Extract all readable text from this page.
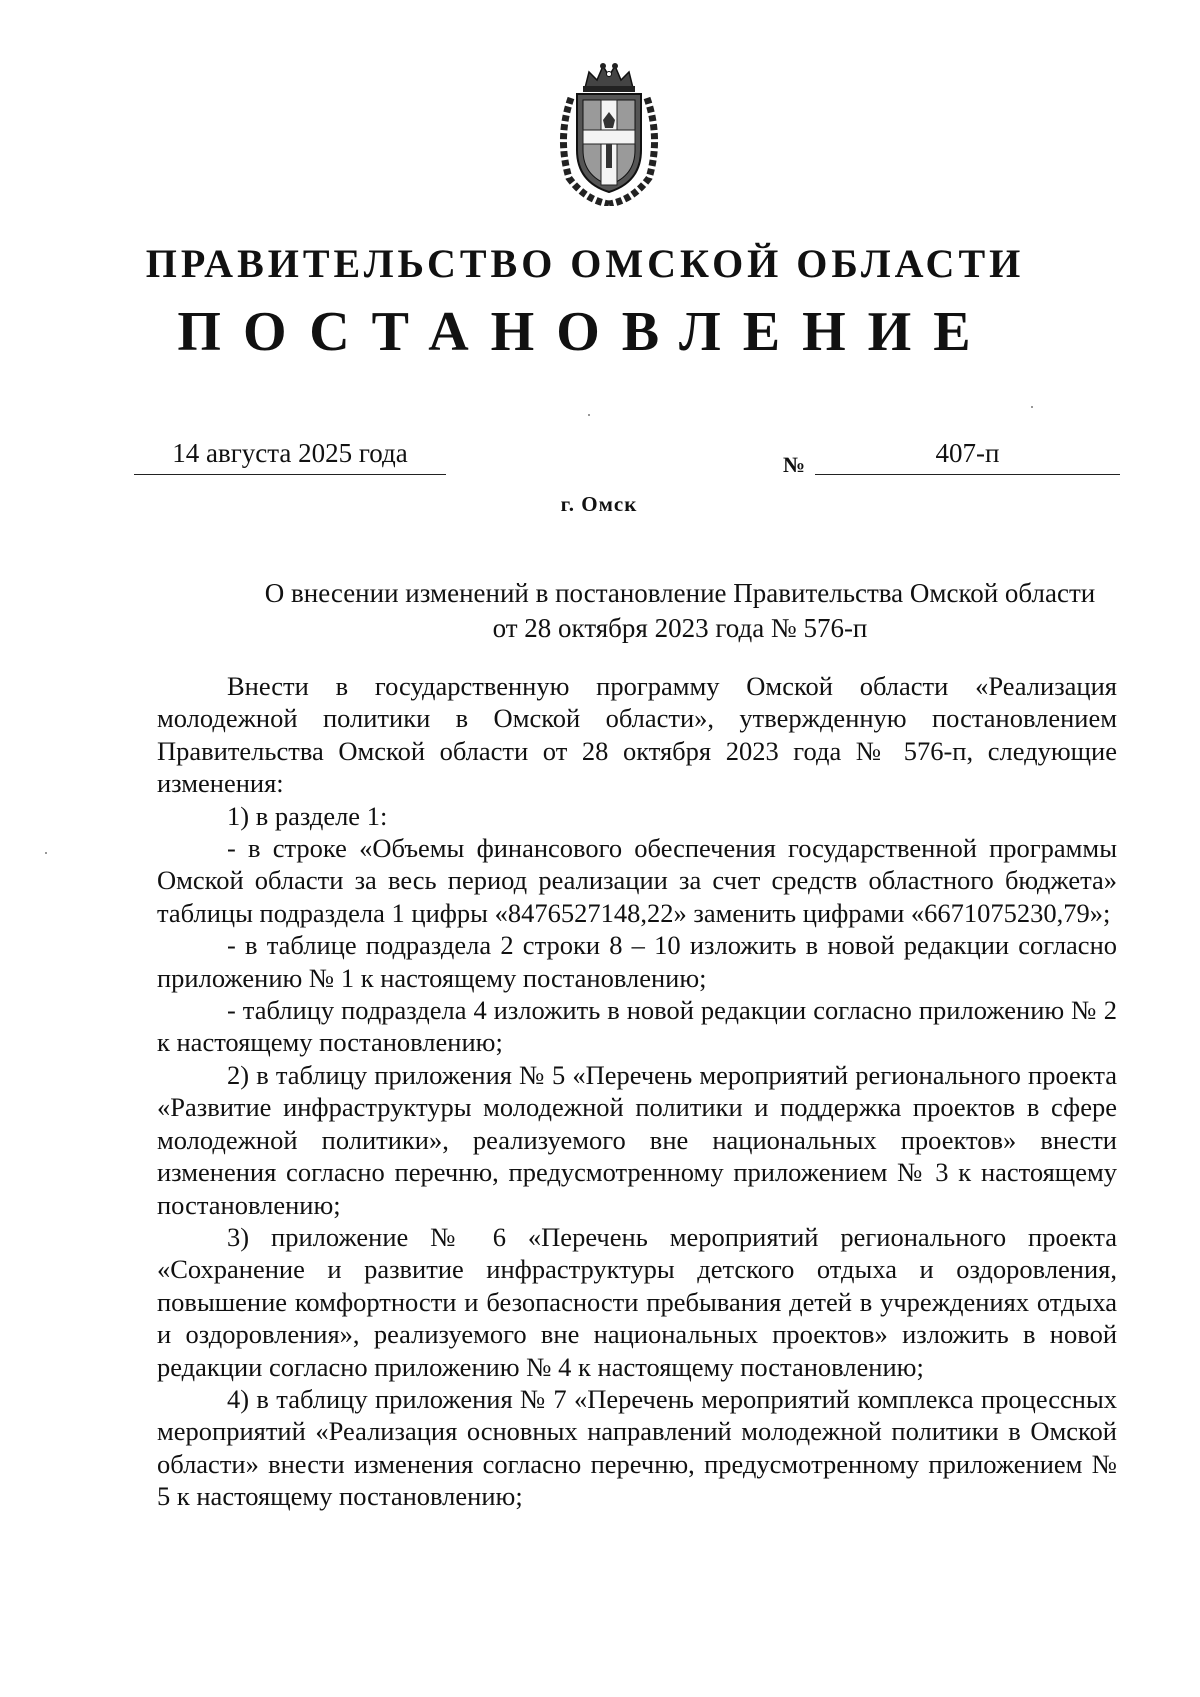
ПРАВИТЕЛЬСТВО ОМСКОЙ ОБЛАСТИ
ПОСТАНОВЛЕНИЕ
14 августа 2025 года	№	407-п
г. Омск
О внесении изменений в постановление Правительства Омской области
от 28 октября 2023 года № 576-п

Внести в государственную программу Омской области «Реализация молодежной политики в Омской области», утвержденную постановлением Правительства Омской области от 28 октября 2023 года № 576-п, следующие изменения:

1) в разделе 1:

- в строке «Объемы финансового обеспечения государственной программы Омской области за весь период реализации за счет средств областного бюджета» таблицы подраздела 1 цифры «8476527148,22» заменить цифрами «6671075230,79»;

- в таблице подраздела 2 строки 8 – 10 изложить в новой редакции согласно приложению № 1 к настоящему постановлению;

- таблицу подраздела 4 изложить в новой редакции согласно приложению № 2 к настоящему постановлению;

2) в таблицу приложения № 5 «Перечень мероприятий регионального проекта «Развитие инфраструктуры молодежной политики и поддержка проектов в сфере молодежной политики», реализуемого вне национальных проектов» внести изменения согласно перечню, предусмотренному приложением № 3 к настоящему постановлению;

3) приложение № 6 «Перечень мероприятий регионального проекта «Сохранение и развитие инфраструктуры детского отдыха и оздоровления, повышение комфортности и безопасности пребывания детей в учреждениях отдыха и оздоровления», реализуемого вне национальных проектов» изложить в новой редакции согласно приложению № 4 к настоящему постановлению;

4) в таблицу приложения № 7 «Перечень мероприятий комплекса процессных мероприятий «Реализация основных направлений молодежной политики в Омской области» внести изменения согласно перечню, предусмотренному приложением № 5 к настоящему постановлению;
